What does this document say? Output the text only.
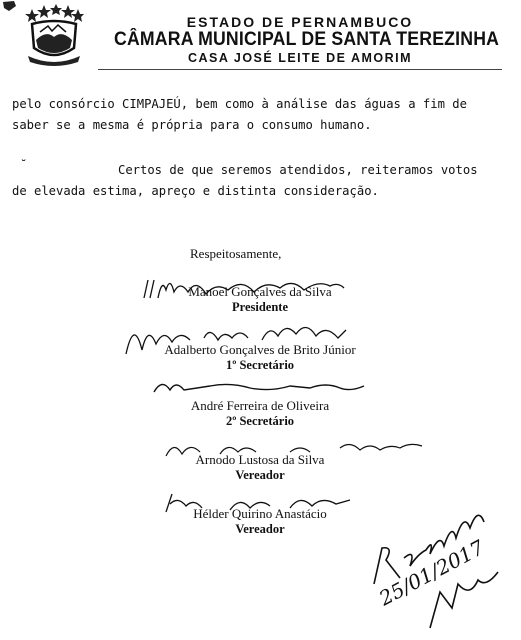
ESTADO DE PERNAMBUCO
CÂMARA MUNICIPAL DE SANTA TEREZINHA
CASA JOSÉ LEITE DE AMORIM
pelo consórcio CIMPAJEÚ, bem como à análise das águas a fim de
saber se a mesma é própria para o consumo humano.
˘	Certos de que seremos atendidos, reiteramos votos
de elevada estima, apreço e distinta consideração.
Respeitosamente,
Manoel Gonçalves da Silva
Presidente
Adalberto Gonçalves de Brito Júnior
1º Secretário
André Ferreira de Oliveira
2º Secretário
Arnodo Lustosa da Silva
Vereador
Hélder Quirino Anastácio
Vereador
25/01/2017
